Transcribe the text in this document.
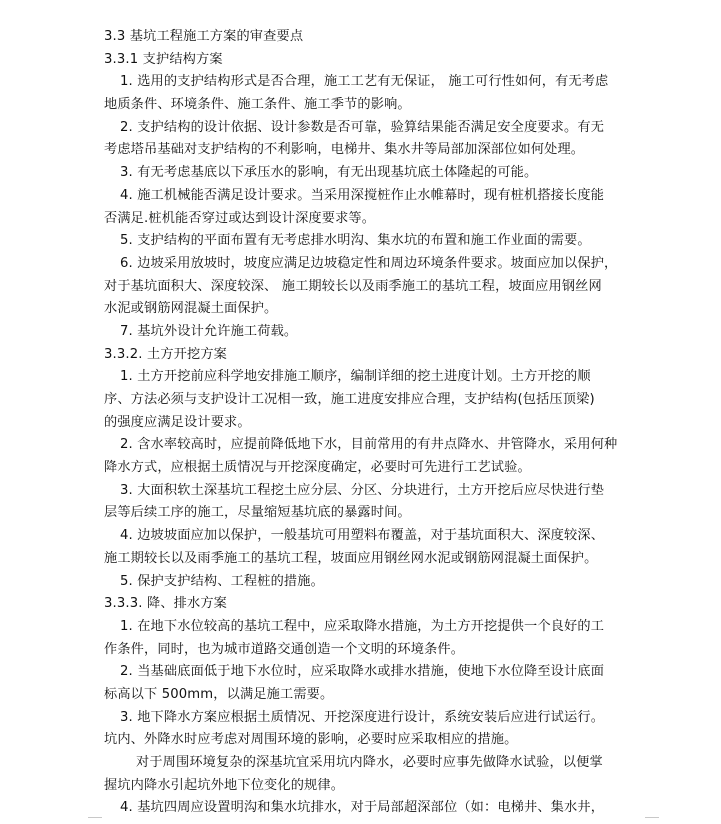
3.3 基坑工程施工方案的审查要点
3.3.1 支护结构方案
1. 选用的支护结构形式是否合理，施工工艺有无保证， 施工可行性如何，有无考虑
地质条件、环境条件、施工条件、施工季节的影响。
2. 支护结构的设计依据、设计参数是否可靠，验算结果能否满足安全度要求。有无
考虑塔吊基础对支护结构的不利影响，电梯井、集水井等局部加深部位如何处理。
3. 有无考虑基底以下承压水的影响，有无出现基坑底土体隆起的可能。
4. 施工机械能否满足设计要求。当采用深搅桩作止水帷幕时，现有桩机搭接长度能
否满足.桩机能否穿过或达到设计深度要求等。
5. 支护结构的平面布置有无考虑排水明沟、集水坑的布置和施工作业面的需要。
6. 边坡采用放坡时，坡度应满足边坡稳定性和周边环境条件要求。坡面应加以保护，
对于基坑面积大、深度较深、 施工期较长以及雨季施工的基坑工程，坡面应用钢丝网
水泥或钢筋网混凝土面保护。
7. 基坑外设计允许施工荷载。
3.3.2. 土方开挖方案
1. 土方开挖前应科学地安排施工顺序，编制详细的挖土进度计划。土方开挖的顺
序、方法必须与支护设计工况相一致，施工进度安排应合理，支护结构(包括压顶梁)
的强度应满足设计要求。
2. 含水率较高时，应提前降低地下水，目前常用的有井点降水、井管降水，采用何种
降水方式，应根据土质情况与开挖深度确定，必要时可先进行工艺试验。
3. 大面积软土深基坑工程挖土应分层、分区、分块进行，土方开挖后应尽快进行垫
层等后续工序的施工，尽量缩短基坑底的暴露时间。
4. 边坡坡面应加以保护，一般基坑可用塑料布覆盖，对于基坑面积大、深度较深、
施工期较长以及雨季施工的基坑工程，坡面应用钢丝网水泥或钢筋网混凝土面保护。
5. 保护支护结构、工程桩的措施。
3.3.3. 降、排水方案
1. 在地下水位较高的基坑工程中，应采取降水措施，为土方开挖提供一个良好的工
作条件，同时，也为城市道路交通创造一个文明的环境条件。
2. 当基础底面低于地下水位时，应采取降水或排水措施，使地下水位降至设计底面
标高以下 500mm，以满足施工需要。
3. 地下降水方案应根据土质情况、开挖深度进行设计，系统安装后应进行试运行。
坑内、外降水时应考虑对周围环境的影响，必要时应采取相应的措施。
对于周围环境复杂的深基坑宜采用坑内降水，必要时应事先做降水试验，以便掌
握坑内降水引起坑外地下位变化的规律。
4. 基坑四周应设置明沟和集水坑排水，对于局部超深部位（如：电梯井、集水井，
